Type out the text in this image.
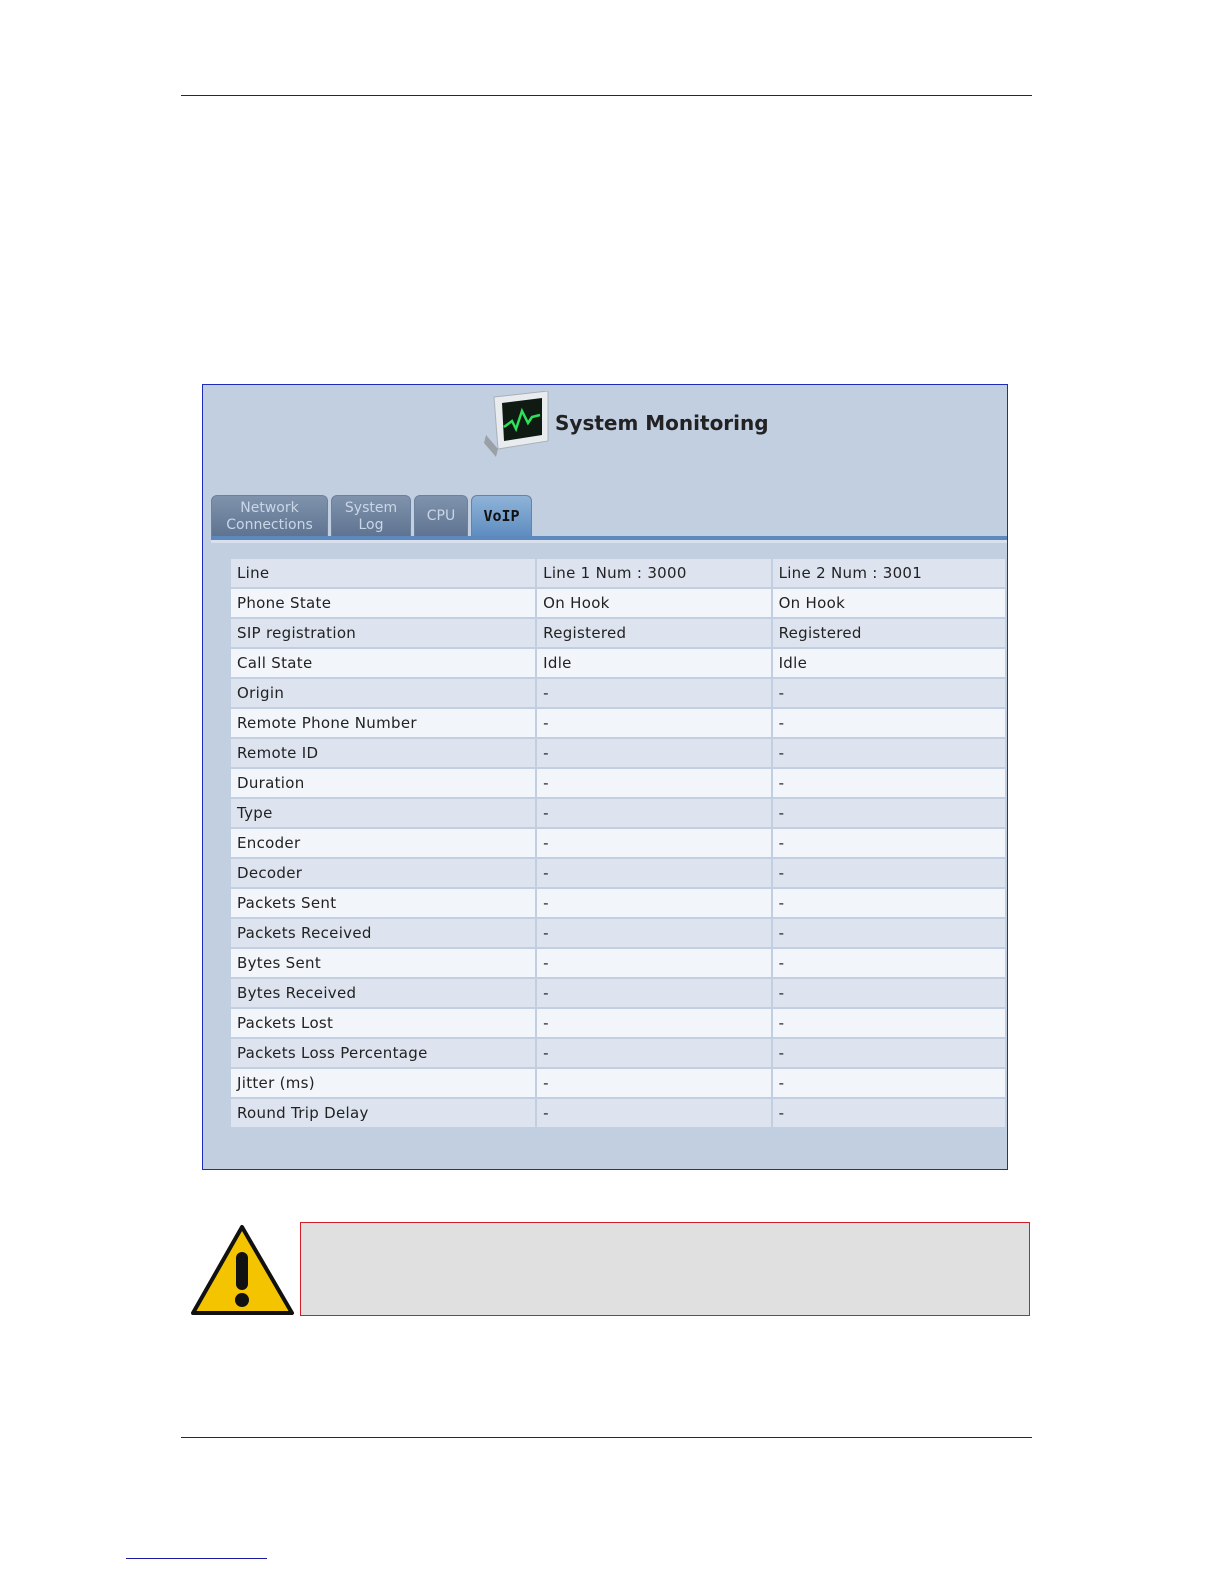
System Monitoring
Network
Connections
System
Log
CPU VoIP
Line	Line 1 Num : 3000	Line 2 Num : 3001
Phone State	On Hook	On Hook
SIP registration	Registered	Registered
Call State	Idle	Idle
Origin	-	-
Remote Phone Number	-	-
Remote ID	-	-
Duration	-	-
Type	-	-
Encoder	-	-
Decoder	-	-
Packets Sent	-	-
Packets Received	-	-
Bytes Sent	-	-
Bytes Received	-	-
Packets Lost	-	-
Packets Loss Percentage	-	-
Jitter (ms)	-	-
Round Trip Delay	-	-
